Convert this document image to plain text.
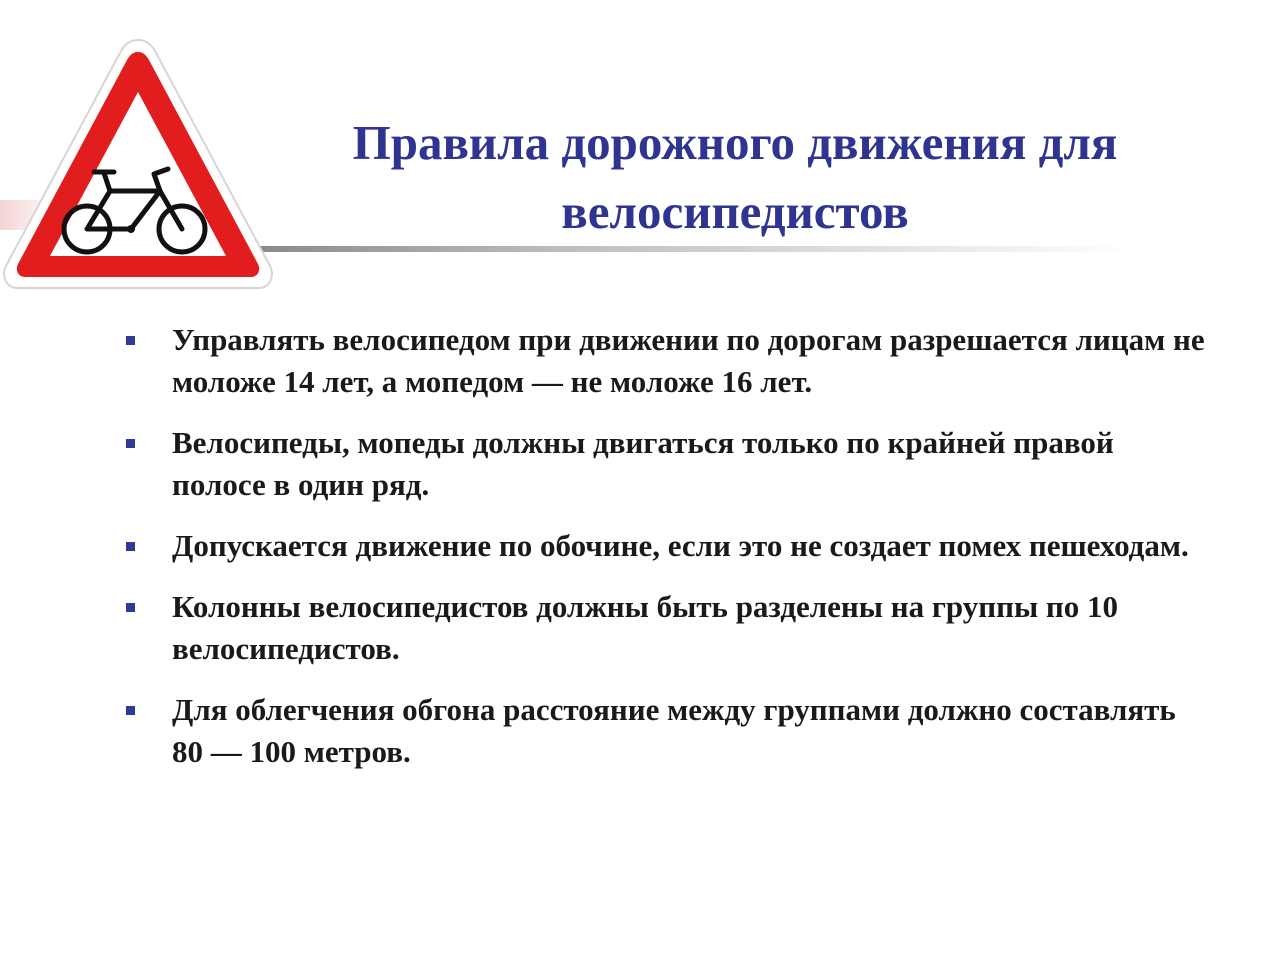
Правила дорожного движения для
велосипедистов
Управлять велосипедом при движении по дорогам разрешается лицам не моложе 14 лет, а мопедом — не моложе 16 лет.
Велосипеды, мопеды должны двигаться только по крайней правой полосе в один ряд.
Допускается движение по обочине, если это не создает помех пешеходам.
Колонны велосипедистов должны быть разделены на группы по 10 велосипедистов.
Для облегчения обгона расстояние между группами должно составлять 80 — 100 метров.
